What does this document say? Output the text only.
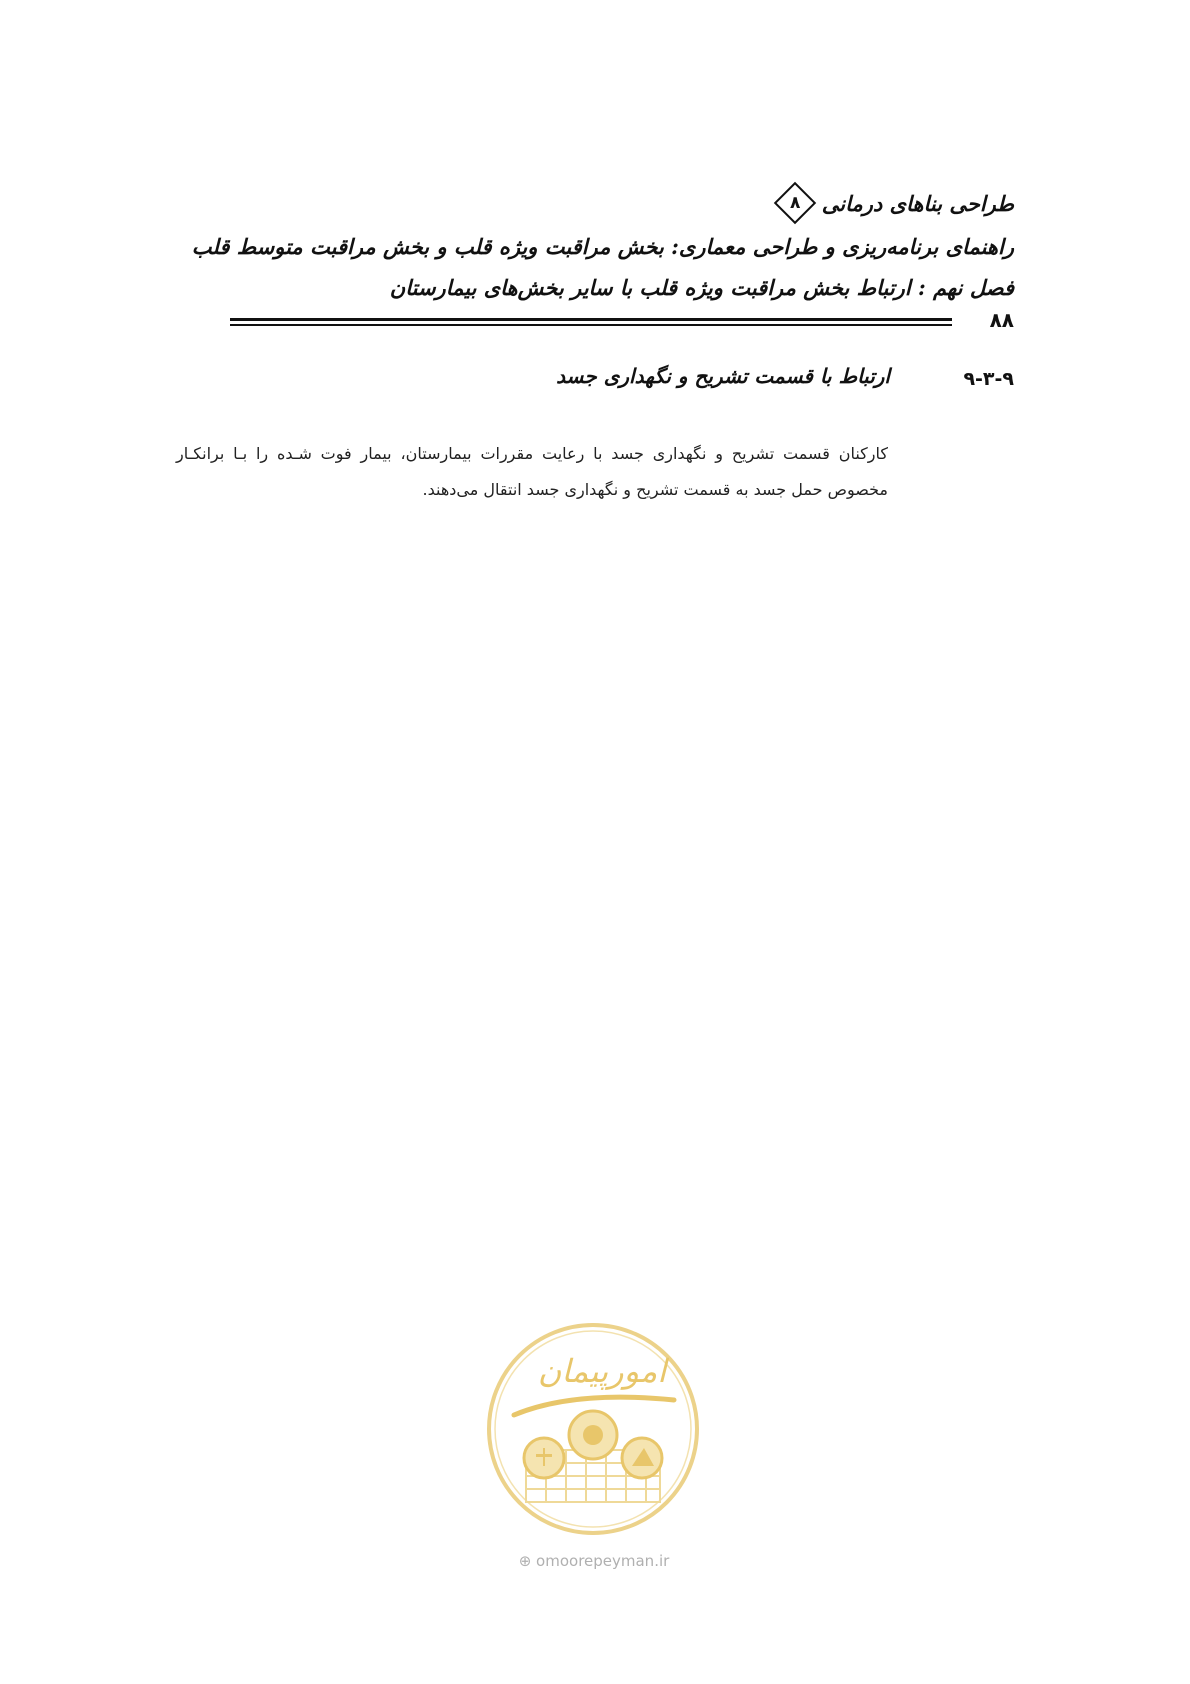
طراحی بناهای درمانی
۸
راهنمای برنامه‌ریزی و طراحی معماری: بخش مراقبت ویژه قلب و بخش مراقبت متوسط قلب
فصل نهم : ارتباط بخش مراقبت ویژه قلب با سایر بخش‌های بیمارستان
۸۸
۹-۳-۹
ارتباط با قسمت تشریح و نگهداری جسد
کارکنان قسمت تشریح و نگهداری جسد با رعایت مقررات بیمارستان، بیمار فوت شـده را بـا برانکـار
مخصوص حمل جسد به قسمت تشریح و نگهداری جسد انتقال می‌دهند.
امورپیمان
⊕ omoorepeyman.ir
